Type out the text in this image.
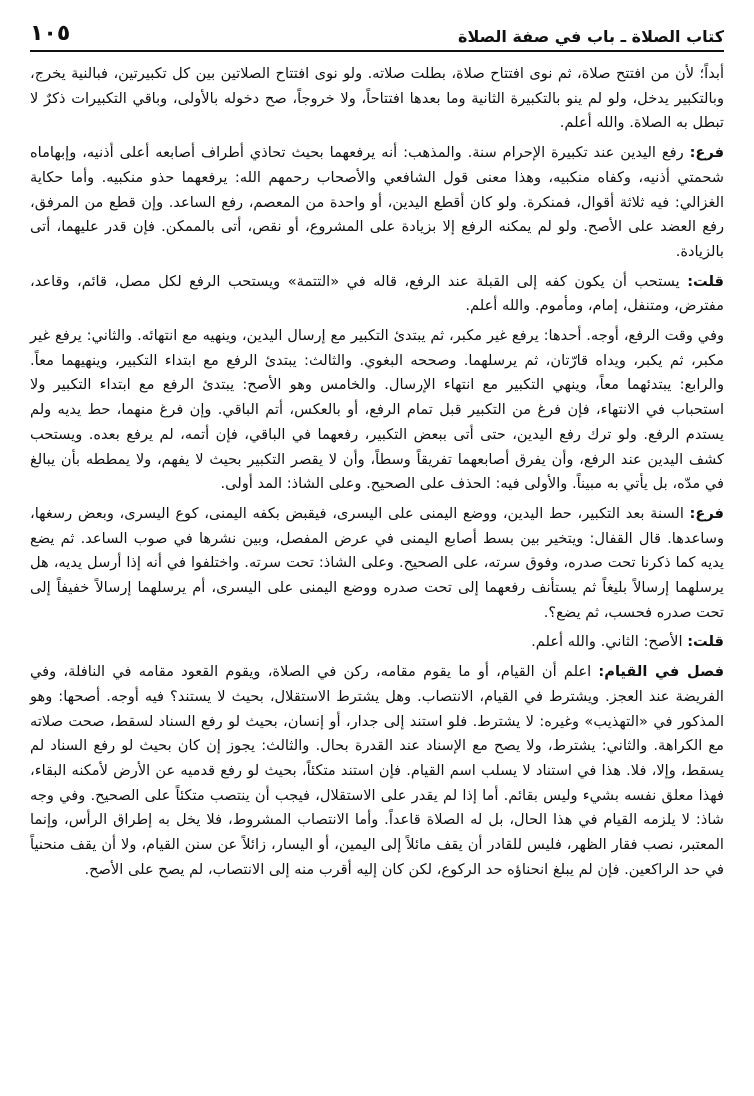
كتاب الصلاة ـ باب في صفة الصلاة
١٠٥

أبداً؛ لأن من افتتح صلاة، ثم نوى افتتاح صلاة، بطلت صلاته. ولو نوى افتتاح الصلاتين بين كل تكبيرتين، فبالنية يخرج، وبالتكبير يدخل، ولو لم ينو بالتكبيرة الثانية وما بعدها افتتاحاً، ولا خروجاً، صح دخوله بالأولى، وباقي التكبيرات ذكرٌ لا تبطل به الصلاة. والله أعلم.

فرع: رفع اليدين عند تكبيرة الإحرام سنة. والمذهب: أنه يرفعهما بحيث تحاذي أطراف أصابعه أعلى أذنيه، وإبهاماه شحمتي أذنيه، وكفاه منكبيه، وهذا معنى قول الشافعي والأصحاب رحمهم الله: يرفعهما حذو منكبيه. وأما حكاية الغزالي: فيه ثلاثة أقوال، فمنكرة. ولو كان أقطع اليدين، أو واحدة من المعصم، رفع الساعد. وإن قطع من المرفق، رفع العضد على الأصح. ولو لم يمكنه الرفع إلا بزيادة على المشروع، أو نقص، أتى بالممكن. فإن قدر عليهما، أتى بالزيادة.

قلت: يستحب أن يكون كفه إلى القبلة عند الرفع، قاله في «التتمة» ويستحب الرفع لكل مصل، قائم، وقاعد، مفترض، ومتنفل، إمام، ومأموم. والله أعلم.

وفي وقت الرفع، أوجه. أحدها: يرفع غير مكبر، ثم يبتدئ التكبير مع إرسال اليدين، وينهيه مع انتهائه. والثاني: يرفع غير مكبر، ثم يكبر، ويداه قارّتان، ثم يرسلهما. وصححه البغوي. والثالث: يبتدئ الرفع مع ابتداء التكبير، وينهيهما معاً. والرابع: يبتدئهما معاً، وينهي التكبير مع انتهاء الإرسال. والخامس وهو الأصح: يبتدئ الرفع مع ابتداء التكبير ولا استحباب في الانتهاء، فإن فرغ من التكبير قبل تمام الرفع، أو بالعكس، أتم الباقي. وإن فرغ منهما، حط يديه ولم يستدم الرفع. ولو ترك رفع اليدين، حتى أتى ببعض التكبير، رفعهما في الباقي، فإن أتمه، لم يرفع بعده. ويستحب كشف اليدين عند الرفع، وأن يفرق أصابعهما تفريقاً وسطاً، وأن لا يقصر التكبير بحيث لا يفهم، ولا يمططه بأن يبالغ في مدّه، بل يأتي به مبيناً. والأولى فيه: الحذف على الصحيح. وعلى الشاذ: المد أولى.

فرع: السنة بعد التكبير، حط اليدين، ووضع اليمنى على اليسرى، فيقبض بكفه اليمنى، كوع اليسرى، وبعض رسغها، وساعدها. قال القفال: ويتخير بين بسط أصابع اليمنى في عرض المفصل، وبين نشرها في صوب الساعد. ثم يضع يديه كما ذكرنا تحت صدره، وفوق سرته، على الصحيح. وعلى الشاذ: تحت سرته. واختلفوا في أنه إذا أرسل يديه، هل يرسلهما إرسالاً بليغاً ثم يستأنف رفعهما إلى تحت صدره ووضع اليمنى على اليسرى، أم يرسلهما إرسالاً خفيفاً إلى تحت صدره فحسب، ثم يضع؟.

قلت: الأصح: الثاني. والله أعلم.

فصل في القيام: اعلم أن القيام، أو ما يقوم مقامه، ركن في الصلاة، ويقوم القعود مقامه في النافلة، وفي الفريضة عند العجز. ويشترط في القيام، الانتصاب. وهل يشترط الاستقلال، بحيث لا يستند؟ فيه أوجه. أصحها: وهو المذكور في «التهذيب» وغيره: لا يشترط. فلو استند إلى جدار، أو إنسان، بحيث لو رفع السناد لسقط، صحت صلاته مع الكراهة. والثاني: يشترط، ولا يصح مع الإسناد عند القدرة بحال. والثالث: يجوز إن كان بحيث لو رفع السناد لم يسقط، وإلا، فلا. هذا في استناد لا يسلب اسم القيام. فإن استند متكئاً، بحيث لو رفع قدميه عن الأرض لأمكنه البقاء، فهذا معلق نفسه بشيء وليس بقائم. أما إذا لم يقدر على الاستقلال، فيجب أن ينتصب متكئاً على الصحيح. وفي وجه شاذ: لا يلزمه القيام في هذا الحال، بل له الصلاة قاعداً. وأما الانتصاب المشروط، فلا يخل به إطراق الرأس، وإنما المعتبر، نصب فقار الظهر، فليس للقادر أن يقف مائلاً إلى اليمين، أو اليسار، زائلاً عن سنن القيام، ولا أن يقف منحنياً في حد الراكعين. فإن لم يبلغ انحناؤه حد الركوع، لكن كان إليه أقرب منه إلى الانتصاب، لم يصح على الأصح.
